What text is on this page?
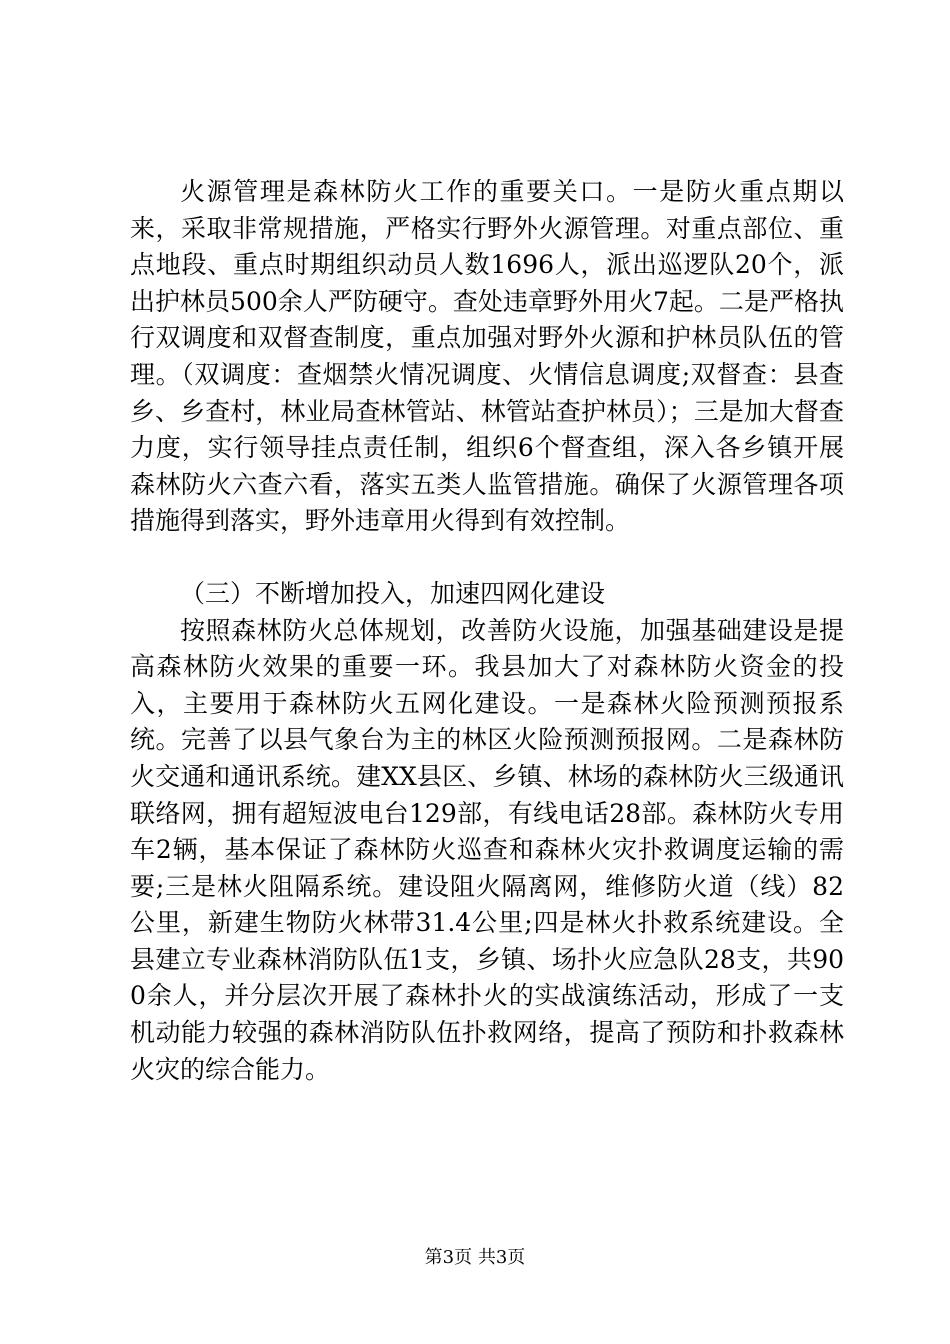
火源管理是森林防火工作的重要关口。一是防火重点期以来，采取非常规措施，严格实行野外火源管理。对重点部位、重点地段、重点时期组织动员人数1696人，派出巡逻队20个，派出护林员500余人严防硬守。查处违章野外用火7起。二是严格执行双调度和双督查制度，重点加强对野外火源和护林员队伍的管理。（双调度：查烟禁火情况调度、火情信息调度;双督查：县查乡、乡查村，林业局查林管站、林管站查护林员）；三是加大督查力度，实行领导挂点责任制，组织6个督查组，深入各乡镇开展森林防火六查六看，落实五类人监管措施。确保了火源管理各项措施得到落实，野外违章用火得到有效控制。

（三）不断增加投入，加速四网化建设

按照森林防火总体规划，改善防火设施，加强基础建设是提高森林防火效果的重要一环。我县加大了对森林防火资金的投入，主要用于森林防火五网化建设。一是森林火险预测预报系统。完善了以县气象台为主的林区火险预测预报网。二是森林防火交通和通讯系统。建XX县区、乡镇、林场的森林防火三级通讯联络网，拥有超短波电台129部，有线电话28部。森林防火专用车2辆，基本保证了森林防火巡查和森林火灾扑救调度运输的需要;三是林火阻隔系统。建设阻火隔离网，维修防火道（线）82公里，新建生物防火林带31.4公里;四是林火扑救系统建设。全县建立专业森林消防队伍1支，乡镇、场扑火应急队28支，共900余人，并分层次开展了森林扑火的实战演练活动，形成了一支机动能力较强的森林消防队伍扑救网络，提高了预防和扑救森林火灾的综合能力。

第3页 共3页
